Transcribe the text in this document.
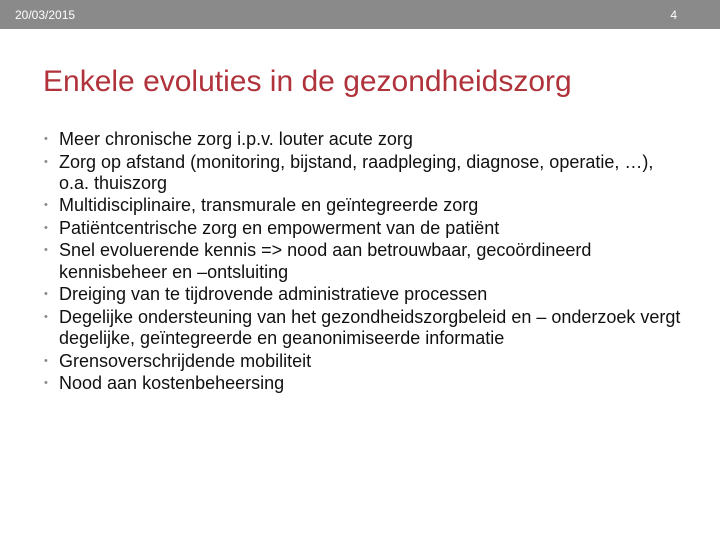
20/03/2015	4
Enkele evoluties in de gezondheidszorg
• Meer chronische zorg i.p.v. louter acute zorg
• Zorg op afstand (monitoring, bijstand, raadpleging, diagnose, operatie, …), o.a. thuiszorg
• Multidisciplinaire, transmurale en geïntegreerde zorg
• Patiëntcentrische zorg en empowerment van de patiënt
• Snel evoluerende kennis => nood aan betrouwbaar, gecoördineerd kennisbeheer en –ontsluiting
• Dreiging van te tijdrovende administratieve processen
• Degelijke ondersteuning van het gezondheidszorgbeleid en – onderzoek vergt degelijke, geïntegreerde en geanonimiseerde informatie
• Grensoverschrijdende mobiliteit
• Nood aan kostenbeheersing
